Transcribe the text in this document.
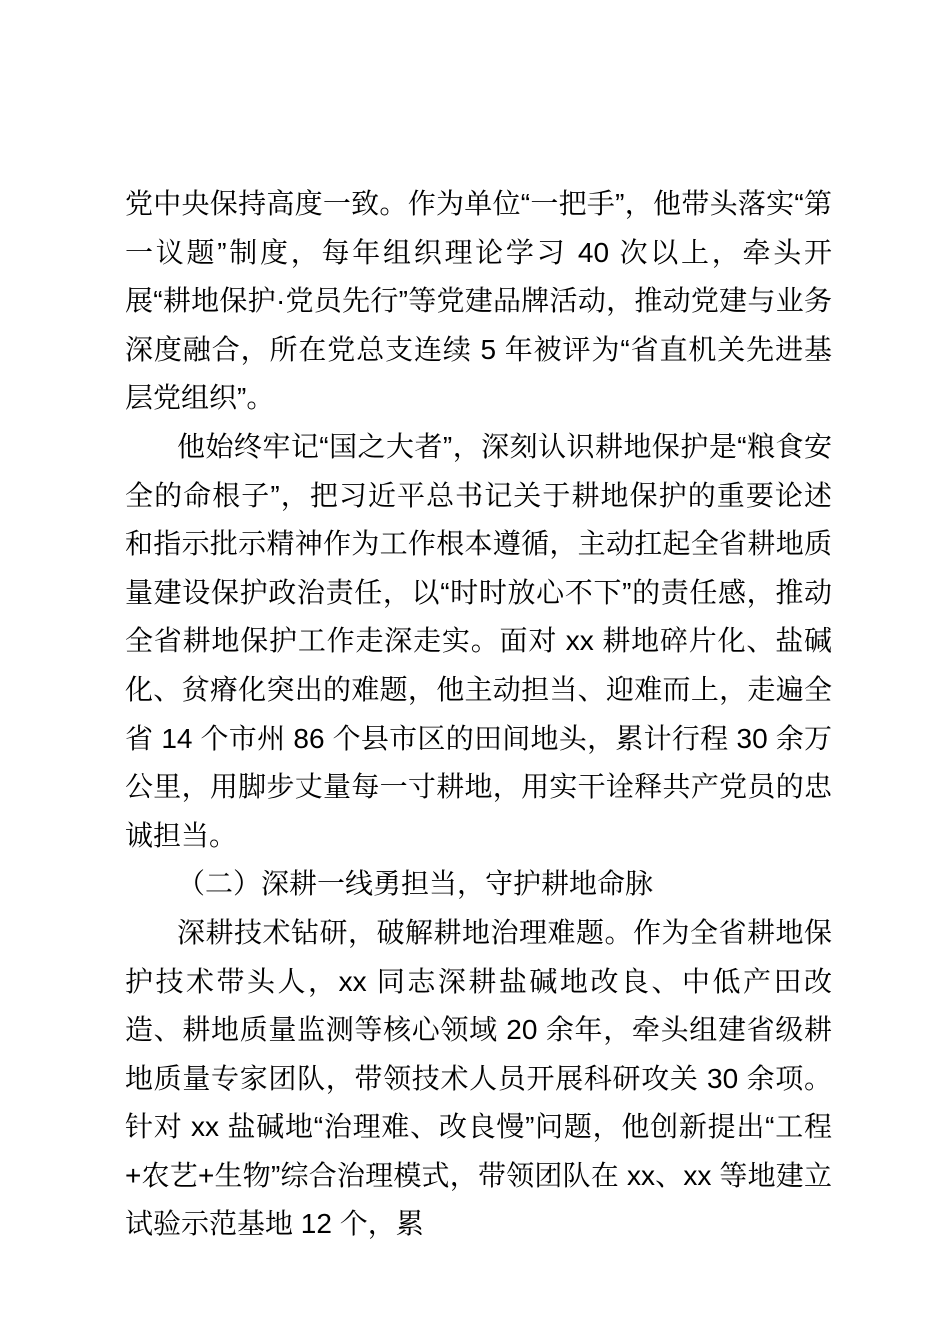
党中央保持高度一致。作为单位“一把手”，他带头落实“第一议题”制度，每年组织理论学习 40 次以上，牵头开展“耕地保护·党员先行”等党建品牌活动，推动党建与业务深度融合，所在党总支连续 5 年被评为“省直机关先进基层党组织”。

他始终牢记“国之大者”，深刻认识耕地保护是“粮食安全的命根子”，把习近平总书记关于耕地保护的重要论述和指示批示精神作为工作根本遵循，主动扛起全省耕地质量建设保护政治责任，以“时时放心不下”的责任感，推动全省耕地保护工作走深走实。面对 xx 耕地碎片化、盐碱化、贫瘠化突出的难题，他主动担当、迎难而上，走遍全省 14 个市州 86 个县市区的田间地头，累计行程 30 余万公里，用脚步丈量每一寸耕地，用实干诠释共产党员的忠诚担当。

（二）深耕一线勇担当，守护耕地命脉

深耕技术钻研，破解耕地治理难题。作为全省耕地保护技术带头人，xx 同志深耕盐碱地改良、中低产田改造、耕地质量监测等核心领域 20 余年，牵头组建省级耕地质量专家团队，带领技术人员开展科研攻关 30 余项。针对 xx 盐碱地“治理难、改良慢”问题，他创新提出“工程+农艺+生物”综合治理模式，带领团队在 xx、xx 等地建立试验示范基地 12 个，累
